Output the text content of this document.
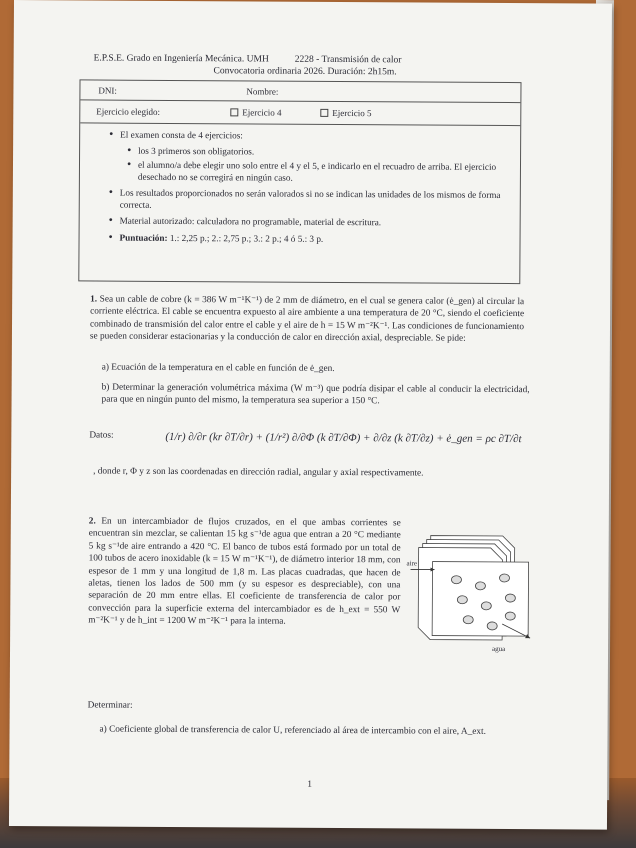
E.P.S.E. Grado en Ingeniería Mecánica. UMH	2228 - Transmisión de calor
Convocatoria ordinaria 2026. Duración: 2h15m.
DNI:	Nombre:
Ejercicio elegido:	Ejercicio 4	Ejercicio 5
• El examen consta de 4 ejercicios:
• los 3 primeros son obligatorios.
• el alumno/a debe elegir uno solo entre el 4 y el 5, e indicarlo en el recuadro de arriba. El ejercicio desechado no se corregirá en ningún caso.
• Los resultados proporcionados no serán valorados si no se indican las unidades de los mismos de forma correcta.
• Material autorizado: calculadora no programable, material de escritura.
• Puntuación: 1.: 2,25 p.; 2.: 2,75 p.; 3.: 2 p.; 4 ó 5.: 3 p.
1. Sea un cable de cobre (k = 386 W m⁻¹K⁻¹) de 2 mm de diámetro, en el cual se genera calor (ė_gen) al circular la corriente eléctrica. El cable se encuentra expuesto al aire ambiente a una temperatura de 20 °C, siendo el coeficiente combinado de transmisión del calor entre el cable y el aire de h = 15 W m⁻²K⁻¹. Las condiciones de funcionamiento se pueden considerar estacionarias y la conducción de calor en dirección axial, despreciable. Se pide:
a) Ecuación de la temperatura en el cable en función de ė_gen.
b) Determinar la generación volumétrica máxima (W m⁻³) que podría disipar el cable al conducir la electricidad, para que en ningún punto del mismo, la temperatura sea superior a 150 °C.
Datos:	(1/r) ∂/∂r (kr ∂T/∂r) + (1/r²) ∂/∂Φ (k ∂T/∂Φ) + ∂/∂z (k ∂T/∂z) + ė_gen = ρc ∂T/∂t
, donde r, Φ y z son las coordenadas en dirección radial, angular y axial respectivamente.
2. En un intercambiador de flujos cruzados, en el que ambas corrientes se encuentran sin mezclar, se calientan 15 kg s⁻¹de agua que entran a 20 °C mediante 5 kg s⁻¹de aire entrando a 420 °C. El banco de tubos está formado por un total de 100 tubos de acero inoxidable (k = 15 W m⁻¹K⁻¹), de diámetro interior 18 mm, con espesor de 1 mm y una longitud de 1,8 m. Las placas cuadradas, que hacen de aletas, tienen los lados de 500 mm (y su espesor es despreciable), con una separación de 20 mm entre ellas. El coeficiente de transferencia de calor por convección para la superficie externa del intercambiador es de h_ext = 550 W m⁻²K⁻¹ y de h_int = 1200 W m⁻²K⁻¹ para la interna.
aire
agua
Determinar:
a) Coeficiente global de transferencia de calor U, referenciado al área de intercambio con el aire, A_ext.
1
